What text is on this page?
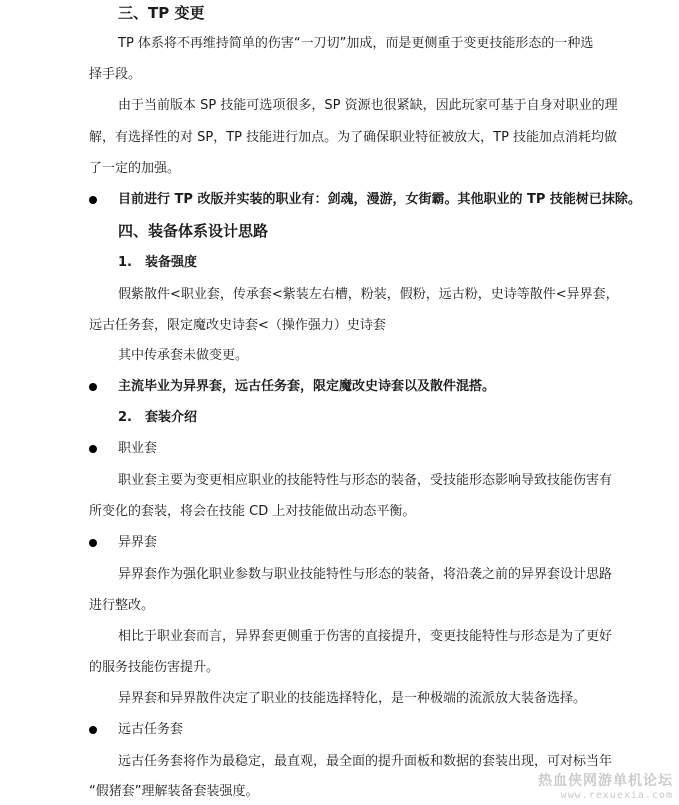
三、TP 变更
TP 体系将不再维持简单的伤害“一刀切”加成，而是更侧重于变更技能形态的一种选
择手段。
由于当前版本 SP 技能可选项很多，SP 资源也很紧缺，因此玩家可基于自身对职业的理
解，有选择性的对 SP，TP 技能进行加点。为了确保职业特征被放大，TP 技能加点消耗均做
了一定的加强。
目前进行 TP 改版并实装的职业有：剑魂，漫游，女街霸。其他职业的 TP 技能树已抹除。
四、装备体系设计思路
1.　装备强度
假紫散件<职业套，传承套<紫装左右槽，粉装，假粉，远古粉，史诗等散件<异界套，
远古任务套，限定魔改史诗套<（操作强力）史诗套
其中传承套未做变更。
主流毕业为异界套，远古任务套，限定魔改史诗套以及散件混搭。
2.　套装介绍
职业套
职业套主要为变更相应职业的技能特性与形态的装备，受技能形态影响导致技能伤害有
所变化的套装，将会在技能 CD 上对技能做出动态平衡。
异界套
异界套作为强化职业参数与职业技能特性与形态的装备，将沿袭之前的异界套设计思路
进行整改。
相比于职业套而言，异界套更侧重于伤害的直接提升，变更技能特性与形态是为了更好
的服务技能伤害提升。
异界套和异界散件决定了职业的技能选择特化，是一种极端的流派放大装备选择。
远古任务套
远古任务套将作为最稳定，最直观，最全面的提升面板和数据的套装出现，可对标当年
“假猪套”理解装备套装强度。
热血侠网游单机论坛
www.rexuexia.com
